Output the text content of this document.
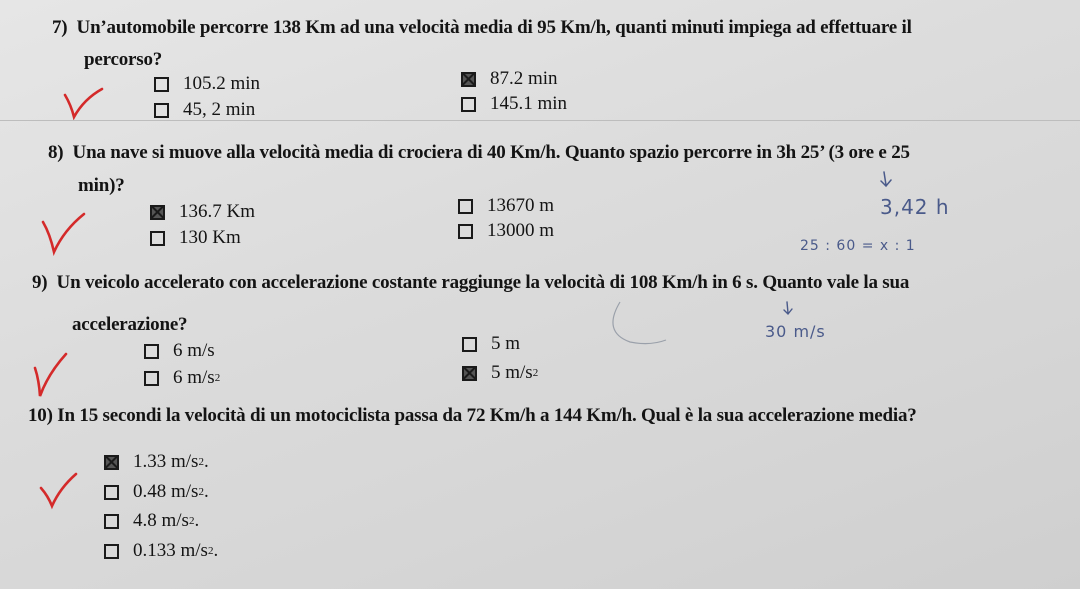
7) Un’automobile percorre 138 Km ad una velocità media di 95 Km/h, quanti minuti impiega ad effettuare il
percorso?
105.2 min	87.2 min
45, 2 min	145.1 min
8) Una nave si muove alla velocità media di crociera di 40 Km/h. Quanto spazio percorre in 3h 25’ (3 ore e 25
min)?
136.7 Km	13670 m
130 Km	13000 m
3,42 h
25 : 60 = x : 1
9) Un veicolo accelerato con accelerazione costante raggiunge la velocità di 108 Km/h in 6 s. Quanto vale la sua
accelerazione?
6 m/s	5 m
6 m/s 2	5 m/s 2
30 m/s
10) In 15 secondi la velocità di un motociclista passa da 72 Km/h a 144 Km/h. Qual è la sua accelerazione media?
1.33 m/s 2 .
0.48 m/s 2 .
4.8 m/s 2 .
0.133 m/s 2 .
